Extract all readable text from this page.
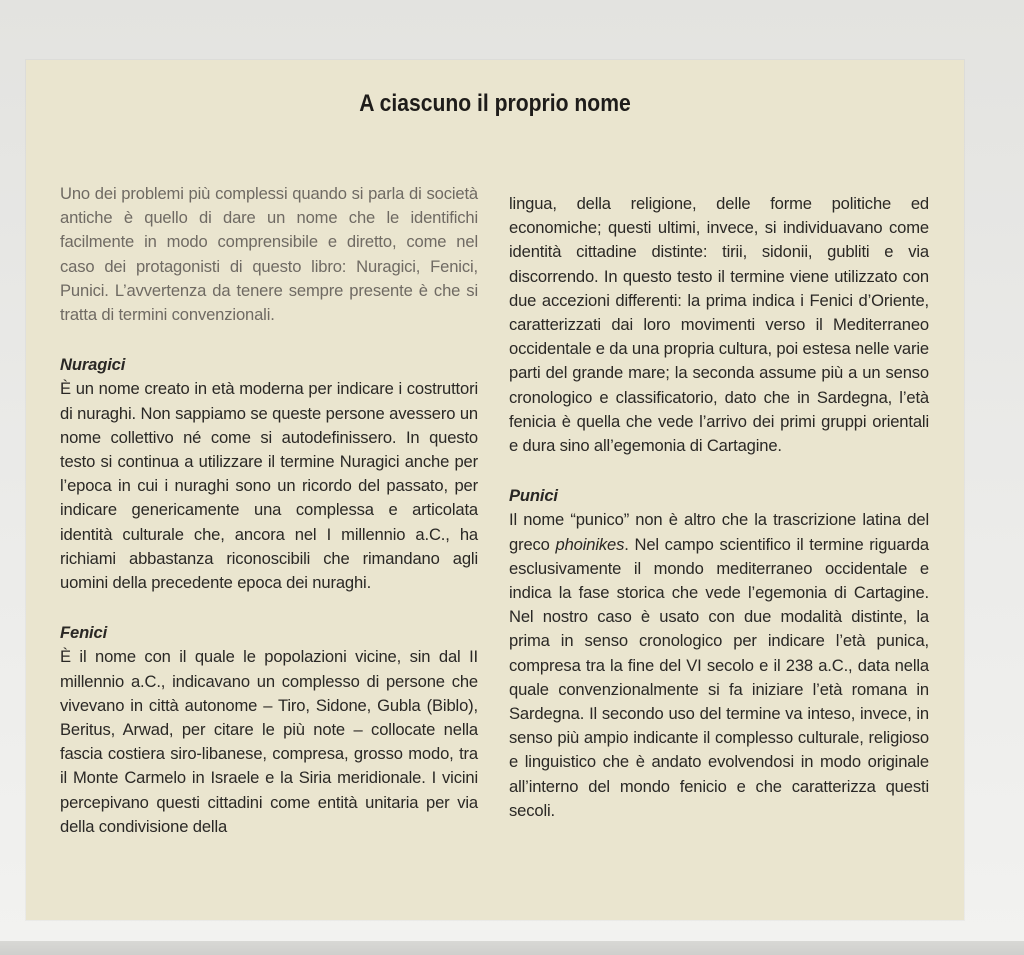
A ciascuno il proprio nome

Uno dei problemi più complessi quando si parla di società antiche è quello di dare un nome che le identifichi facilmente in modo comprensibile e diretto, come nel caso dei protagonisti di questo libro: Nuragici, Fenici, Punici. L’avvertenza da tenere sempre presente è che si tratta di termini convenzionali.

Nuragici

È un nome creato in età moderna per indicare i costruttori di nuraghi. Non sappiamo se queste persone avessero un nome collettivo né come si autodefinissero. In questo testo si continua a utilizzare il termine Nuragici anche per l’epoca in cui i nuraghi sono un ricordo del passato, per indicare genericamente una complessa e articolata identità culturale che, ancora nel I millennio a.C., ha richiami abbastanza riconoscibili che rimandano agli uomini della precedente epoca dei nuraghi.

Fenici

È il nome con il quale le popolazioni vicine, sin dal II millennio a.C., indicavano un complesso di persone che vivevano in città autonome – Tiro, Sidone, Gubla (Biblo), Beritus, Arwad, per citare le più note – collocate nella fascia costiera siro-libanese, compresa, grosso modo, tra il Monte Carmelo in Israele e la Siria meridionale. I vicini percepivano questi cittadini come entità unitaria per via della condivisione della

lingua, della religione, delle forme politiche ed economiche; questi ultimi, invece, si individuavano come identità cittadine distinte: tirii, sidonii, gubliti e via discorrendo. In questo testo il termine viene utilizzato con due accezioni differenti: la prima indica i Fenici d’Oriente, caratterizzati dai loro movimenti verso il Mediterraneo occidentale e da una propria cultura, poi estesa nelle varie parti del grande mare; la seconda assume più a un senso cronologico e classificatorio, dato che in Sardegna, l’età fenicia è quella che vede l’arrivo dei primi gruppi orientali e dura sino all’egemonia di Cartagine.

Punici

Il nome “punico” non è altro che la trascrizione latina del greco phoinikes. Nel campo scientifico il termine riguarda esclusivamente il mondo mediterraneo occidentale e indica la fase storica che vede l’egemonia di Cartagine. Nel nostro caso è usato con due modalità distinte, la prima in senso cronologico per indicare l’età punica, compresa tra la fine del VI secolo e il 238 a.C., data nella quale convenzionalmente si fa iniziare l’età romana in Sardegna. Il secondo uso del termine va inteso, invece, in senso più ampio indicante il complesso culturale, religioso e linguistico che è andato evolvendosi in modo originale all’interno del mondo fenicio e che caratterizza questi secoli.
